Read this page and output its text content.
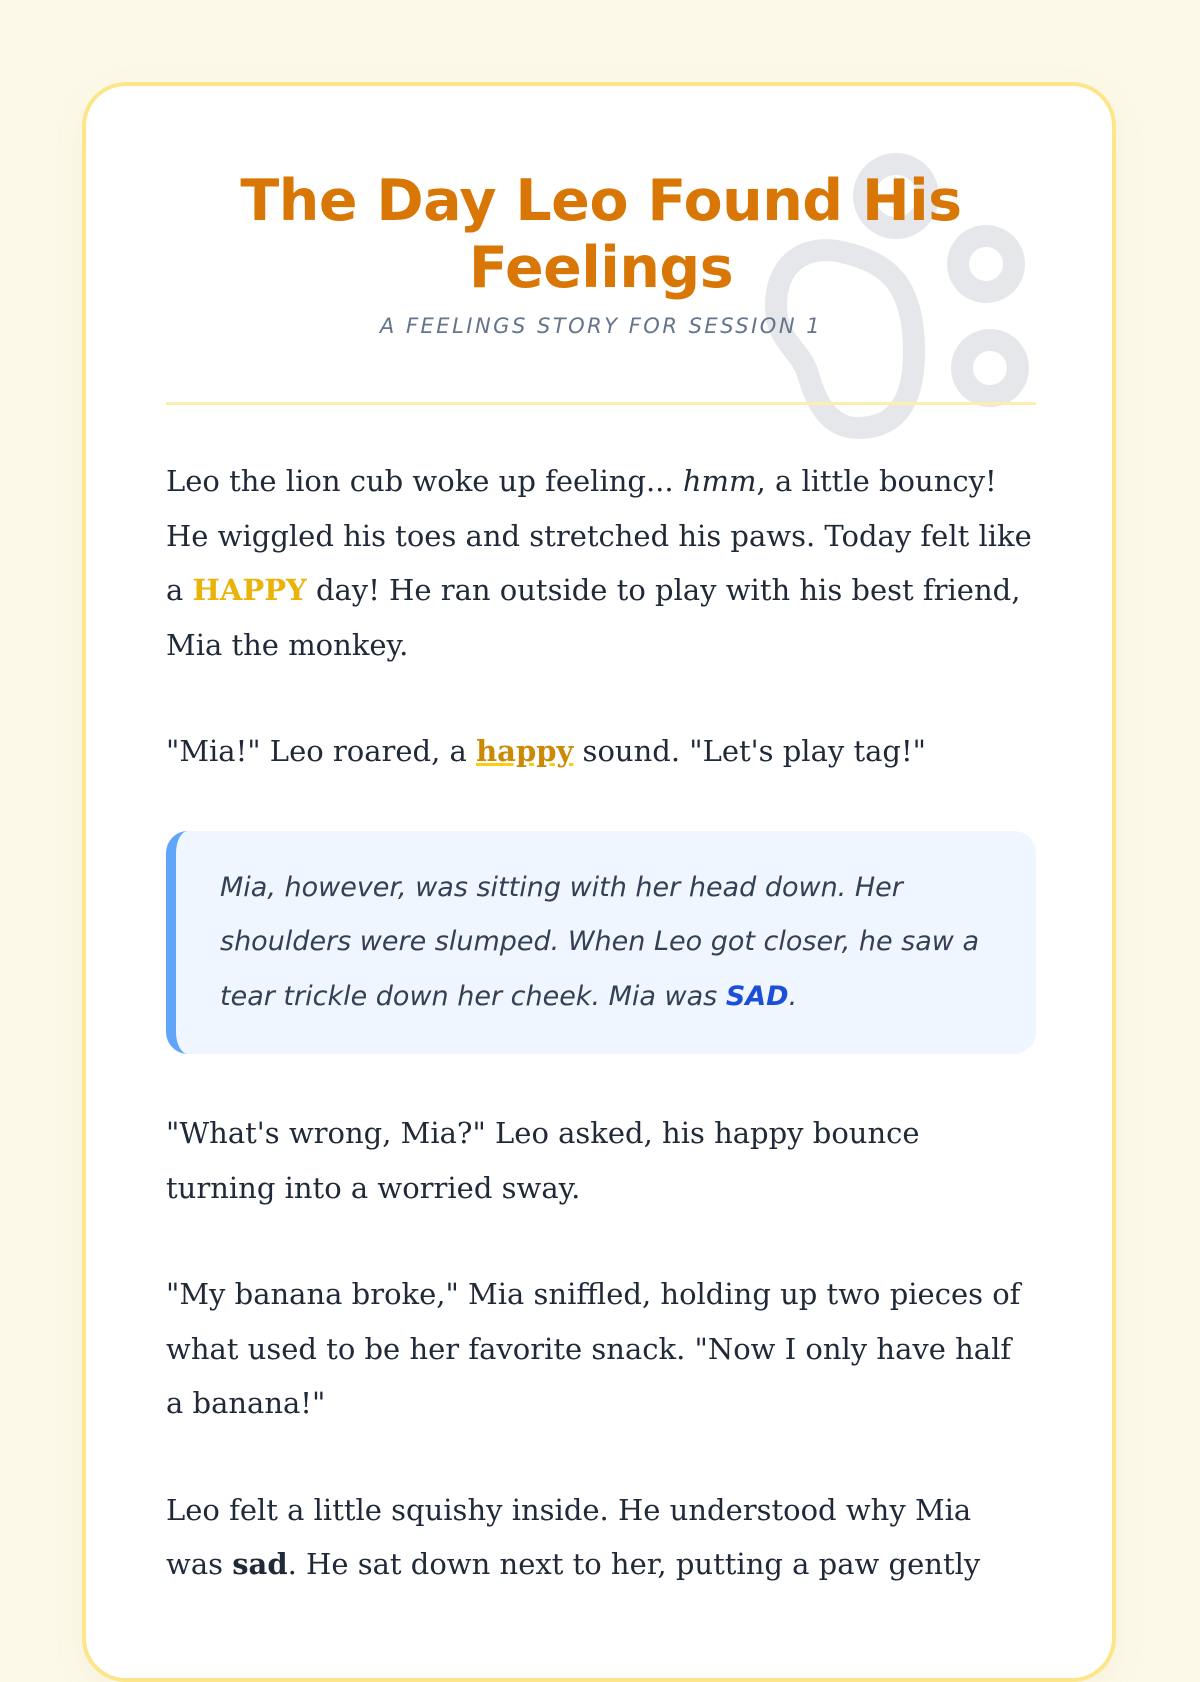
The Day Leo Found His Feelings
A FEELINGS STORY FOR SESSION 1

Leo the lion cub woke up feeling... hmm, a little bouncy! He wiggled his toes and stretched his paws. Today felt like a HAPPY day! He ran outside to play with his best friend, Mia the monkey.

"Mia!" Leo roared, a happy sound. "Let's play tag!"

Mia, however, was sitting with her head down. Her shoulders were slumped. When Leo got closer, he saw a tear trickle down her cheek. Mia was SAD.

"What's wrong, Mia?" Leo asked, his happy bounce turning into a worried sway.

"My banana broke," Mia sniffled, holding up two pieces of what used to be her favorite snack. "Now I only have half a banana!"

Leo felt a little squishy inside. He understood why Mia was sad. He sat down next to her, putting a paw gently
